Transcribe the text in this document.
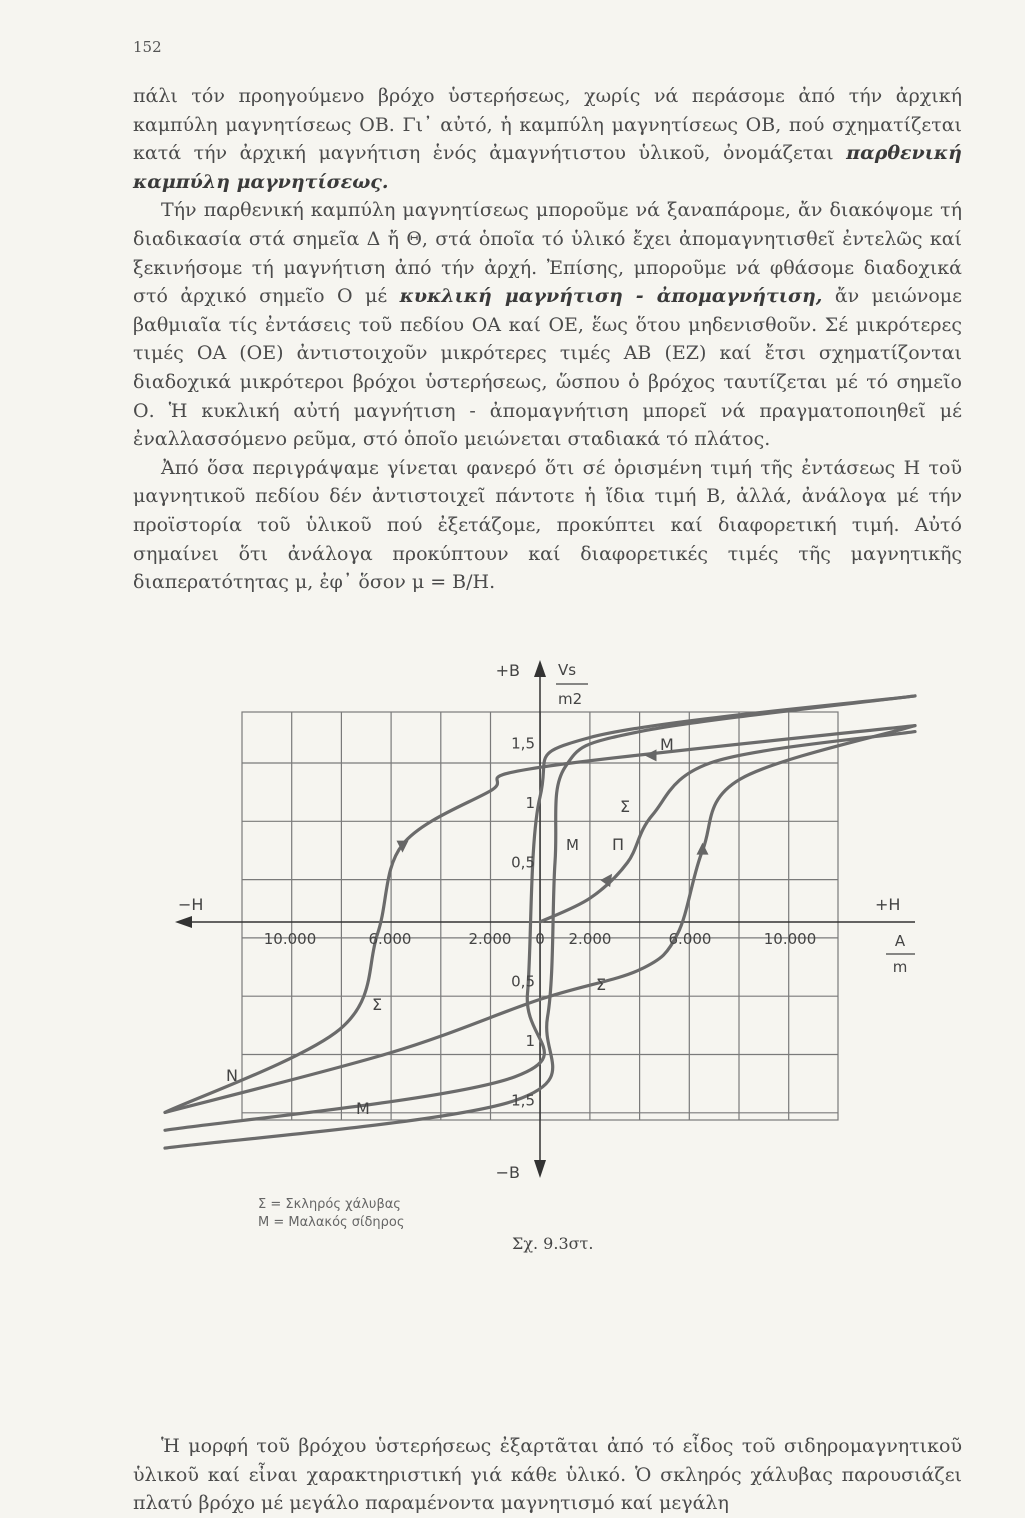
152

πάλι τόν προηγούμενο βρόχο ὑστερήσεως, χωρίς νά περάσομε ἀπό τήν ἀρχική καμπύλη μαγνητίσεως ΟΒ. Γι᾿ αὐτό, ἡ καμπύλη μαγνητίσεως ΟΒ, πού σχηματίζεται κατά τήν ἀρχική μαγνήτιση ἑνός ἀμαγνήτιστου ὑλικοῦ, ὀνομάζεται παρθενική καμπύλη μαγνητίσεως.

Τήν παρθενική καμπύλη μαγνητίσεως μποροῦμε νά ξαναπάρομε, ἄν διακόψομε τή διαδικασία στά σημεῖα Δ ἤ Θ, στά ὁποῖα τό ὑλικό ἔχει ἀπομαγνητισθεῖ ἐντελῶς καί ξεκινήσομε τή μαγνήτιση ἀπό τήν ἀρχή. Ἐπίσης, μποροῦμε νά φθάσομε διαδοχικά στό ἀρχικό σημεῖο Ο μέ κυκλική μαγνήτιση - ἀπομαγνήτιση, ἄν μειώνομε βαθμιαῖα τίς ἐντάσεις τοῦ πεδίου ΟΑ καί ΟΕ, ἕως ὅτου μηδενισθοῦν. Σέ μικρότερες τιμές ΟΑ (ΟΕ) ἀντιστοιχοῦν μικρότερες τιμές ΑΒ (ΕΖ) καί ἔτσι σχηματίζονται διαδοχικά μικρότεροι βρόχοι ὑστερήσεως, ὥσπου ὁ βρόχος ταυτίζεται μέ τό σημεῖο Ο. Ἡ κυκλική αὐτή μαγνήτιση - ἀπομαγνήτιση μπορεῖ νά πραγματοποιηθεῖ μέ ἐναλλασσόμενο ρεῦμα, στό ὁποῖο μειώνεται σταδιακά τό πλάτος.

Ἀπό ὅσα περιγράψαμε γίνεται φανερό ὅτι σέ ὁρισμένη τιμή τῆς ἐντάσεως Η τοῦ μαγνητικοῦ πεδίου δέν ἀντιστοιχεῖ πάντοτε ἡ ἴδια τιμή Β, ἀλλά, ἀνάλογα μέ τήν προϊστορία τοῦ ὑλικοῦ πού ἐξετάζομε, προκύπτει καί διαφορετική τιμή. Αὐτό σημαίνει ὅτι ἀνάλογα προκύπτουν καί διαφορετικές τιμές τῆς μαγνητικῆς διαπερατότητας μ, ἐφ᾿ ὅσον μ = Β/Η.

10.000	6.000	2.000 0 2.000	6.000	10.000
0,5
1
1,5
0,5
1
1,5
+B
−B
−H	+H
Vs
m2
A
m
Μ
Σ
Μ Π
Σ
Σ
Μ
Ν
Σ = Σκληρός χάλυβας
Μ = Μαλακός σίδηρος
Σχ. 9.3στ.

Ἡ μορφή τοῦ βρόχου ὑστερήσεως ἐξαρτᾶται ἀπό τό εἶδος τοῦ σιδηρομαγνητικοῦ ὑλικοῦ καί εἶναι χαρακτηριστική γιά κάθε ὑλικό. Ὁ σκληρός χάλυβας παρουσιάζει πλατύ βρόχο μέ μεγάλο παραμένοντα μαγνητισμό καί μεγάλη
